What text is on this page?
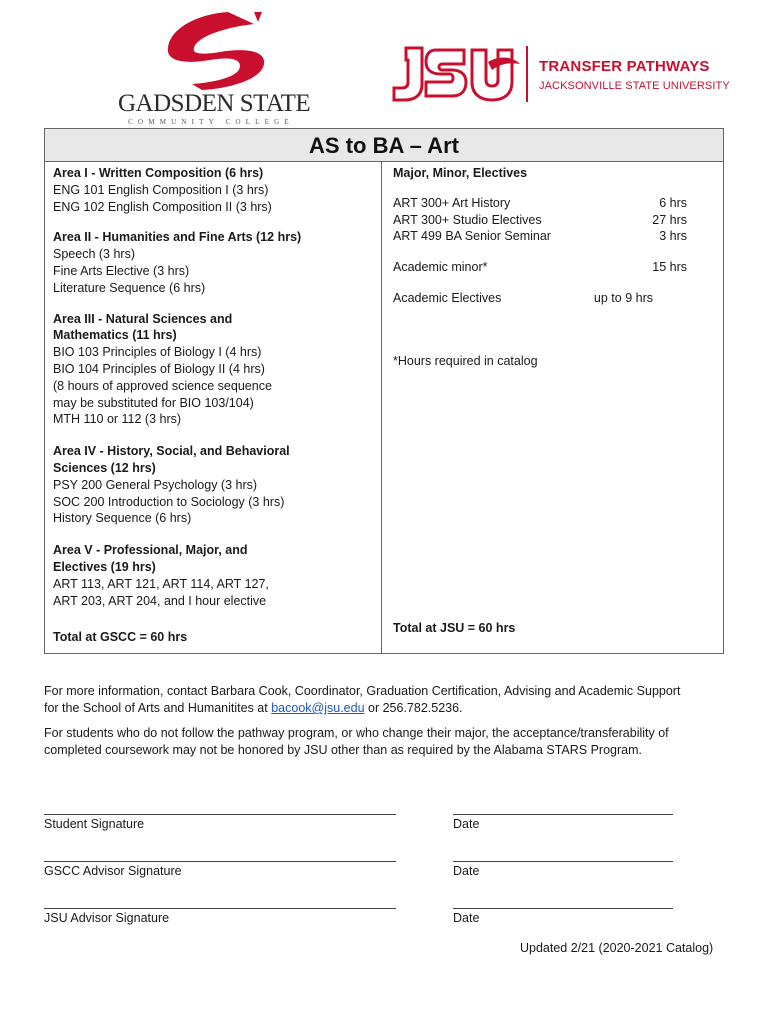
GADSDEN STATE
COMMUNITY COLLEGE
TRANSFER PATHWAYS
JACKSONVILLE STATE UNIVERSITY
AS to BA – Art
Area I - Written Composition (6 hrs)
ENG 101 English Composition I (3 hrs)
ENG 102 English Composition II (3 hrs)
Area II - Humanities and Fine Arts (12 hrs)
Speech (3 hrs)
Fine Arts Elective (3 hrs)
Literature Sequence (6 hrs)
Area III - Natural Sciences and
Mathematics (11 hrs)
BIO 103 Principles of Biology I (4 hrs)
BIO 104 Principles of Biology II (4 hrs)
(8 hours of approved science sequence
may be substituted for BIO 103/104)
MTH 110 or 112 (3 hrs)
Area IV - History, Social, and Behavioral
Sciences (12 hrs)
PSY 200 General Psychology (3 hrs)
SOC 200 Introduction to Sociology (3 hrs)
History Sequence (6 hrs)
Area V - Professional, Major, and
Electives (19 hrs)
ART 113, ART 121, ART 114, ART 127,
ART 203, ART 204, and I hour elective
Total at GSCC = 60 hrs
Major, Minor, Electives
ART 300+ Art History	6 hrs
ART 300+ Studio Electives	27 hrs
ART 499 BA Senior Seminar	3 hrs
Academic minor*	15 hrs
Academic Electives	up to 9 hrs
*Hours required in catalog
Total at JSU = 60 hrs
For more information, contact Barbara Cook, Coordinator, Graduation Certification, Advising and Academic Support
for the School of Arts and Humanitites at bacook@jsu.edu or 256.782.5236.
For students who do not follow the pathway program, or who change their major, the acceptance/transferability of
completed coursework may not be honored by JSU other than as required by the Alabama STARS Program.
Student Signature	Date
GSCC Advisor Signature	Date
JSU Advisor Signature	Date
Updated 2/21 (2020-2021 Catalog)
